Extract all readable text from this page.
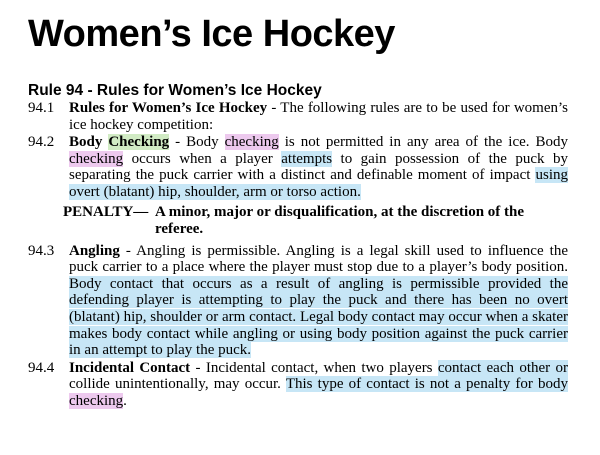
Women’s Ice Hockey
Rule 94 - Rules for Women’s Ice Hockey
94.1 Rules for Women’s Ice Hockey - The following rules are to be used for women’s ice hockey competition:
94.2 Body Checking - Body checking is not permitted in any area of the ice. Body checking occurs when a player attempts to gain possession of the puck by separating the puck carrier with a distinct and definable moment of impact using overt (blatant) hip, shoulder, arm or torso action.
PENALTY— A minor, major or disqualification, at the discretion of the referee.
94.3 Angling - Angling is permissible. Angling is a legal skill used to influence the puck carrier to a place where the player must stop due to a player’s body position. Body contact that occurs as a result of angling is permissible provided the defending player is attempting to play the puck and there has been no overt (blatant) hip, shoulder or arm contact. Legal body contact may occur when a skater makes body contact while angling or using body position against the puck carrier in an attempt to play the puck.
94.4 Incidental Contact - Incidental contact, when two players contact each other or collide unintentionally, may occur. This type of contact is not a penalty for body checking.
